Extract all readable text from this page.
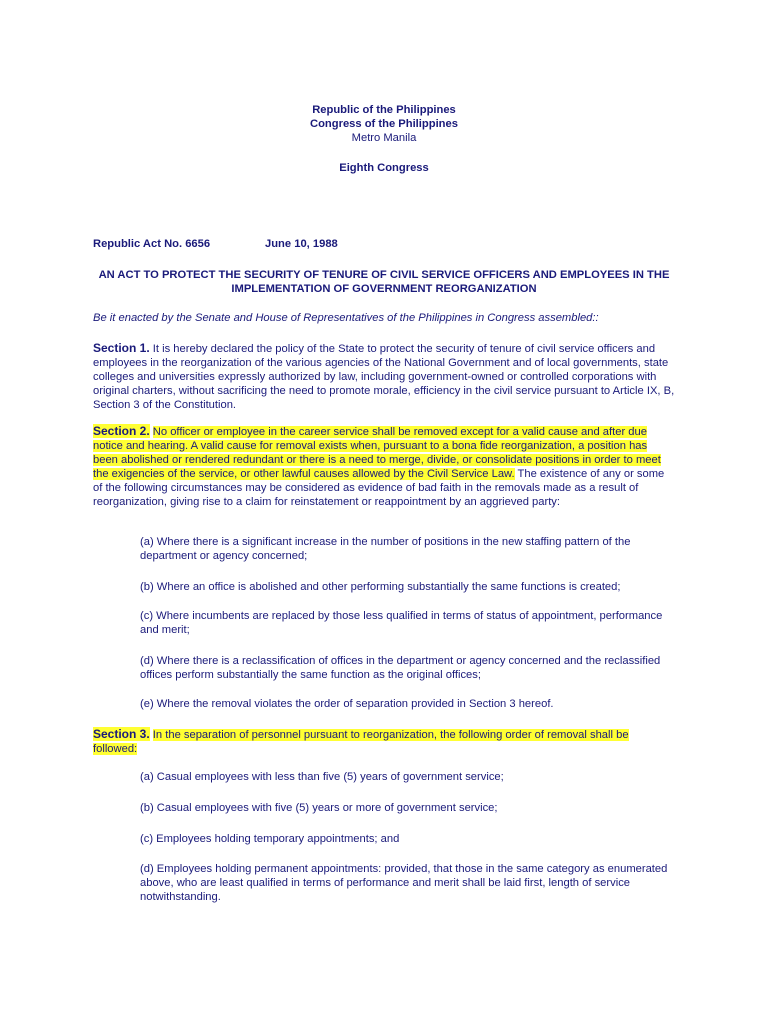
Republic of the Philippines
Congress of the Philippines
Metro Manila
Eighth Congress
Republic Act No. 6656	June 10, 1988
AN ACT TO PROTECT THE SECURITY OF TENURE OF CIVIL SERVICE OFFICERS AND EMPLOYEES IN THE IMPLEMENTATION OF GOVERNMENT REORGANIZATION
Be it enacted by the Senate and House of Representatives of the Philippines in Congress assembled::
Section 1. It is hereby declared the policy of the State to protect the security of tenure of civil service officers and employees in the reorganization of the various agencies of the National Government and of local governments, state colleges and universities expressly authorized by law, including government-owned or controlled corporations with original charters, without sacrificing the need to promote morale, efficiency in the civil service pursuant to Article IX, B, Section 3 of the Constitution.
Section 2. No officer or employee in the career service shall be removed except for a valid cause and after due notice and hearing. A valid cause for removal exists when, pursuant to a bona fide reorganization, a position has been abolished or rendered redundant or there is a need to merge, divide, or consolidate positions in order to meet the exigencies of the service, or other lawful causes allowed by the Civil Service Law. The existence of any or some of the following circumstances may be considered as evidence of bad faith in the removals made as a result of reorganization, giving rise to a claim for reinstatement or reappointment by an aggrieved party:
(a) Where there is a significant increase in the number of positions in the new staffing pattern of the department or agency concerned;
(b) Where an office is abolished and other performing substantially the same functions is created;
(c) Where incumbents are replaced by those less qualified in terms of status of appointment, performance and merit;
(d) Where there is a reclassification of offices in the department or agency concerned and the reclassified offices perform substantially the same function as the original offices;
(e) Where the removal violates the order of separation provided in Section 3 hereof.
Section 3. In the separation of personnel pursuant to reorganization, the following order of removal shall be followed:
(a) Casual employees with less than five (5) years of government service;
(b) Casual employees with five (5) years or more of government service;
(c) Employees holding temporary appointments; and
(d) Employees holding permanent appointments: provided, that those in the same category as enumerated above, who are least qualified in terms of performance and merit shall be laid first, length of service notwithstanding.
